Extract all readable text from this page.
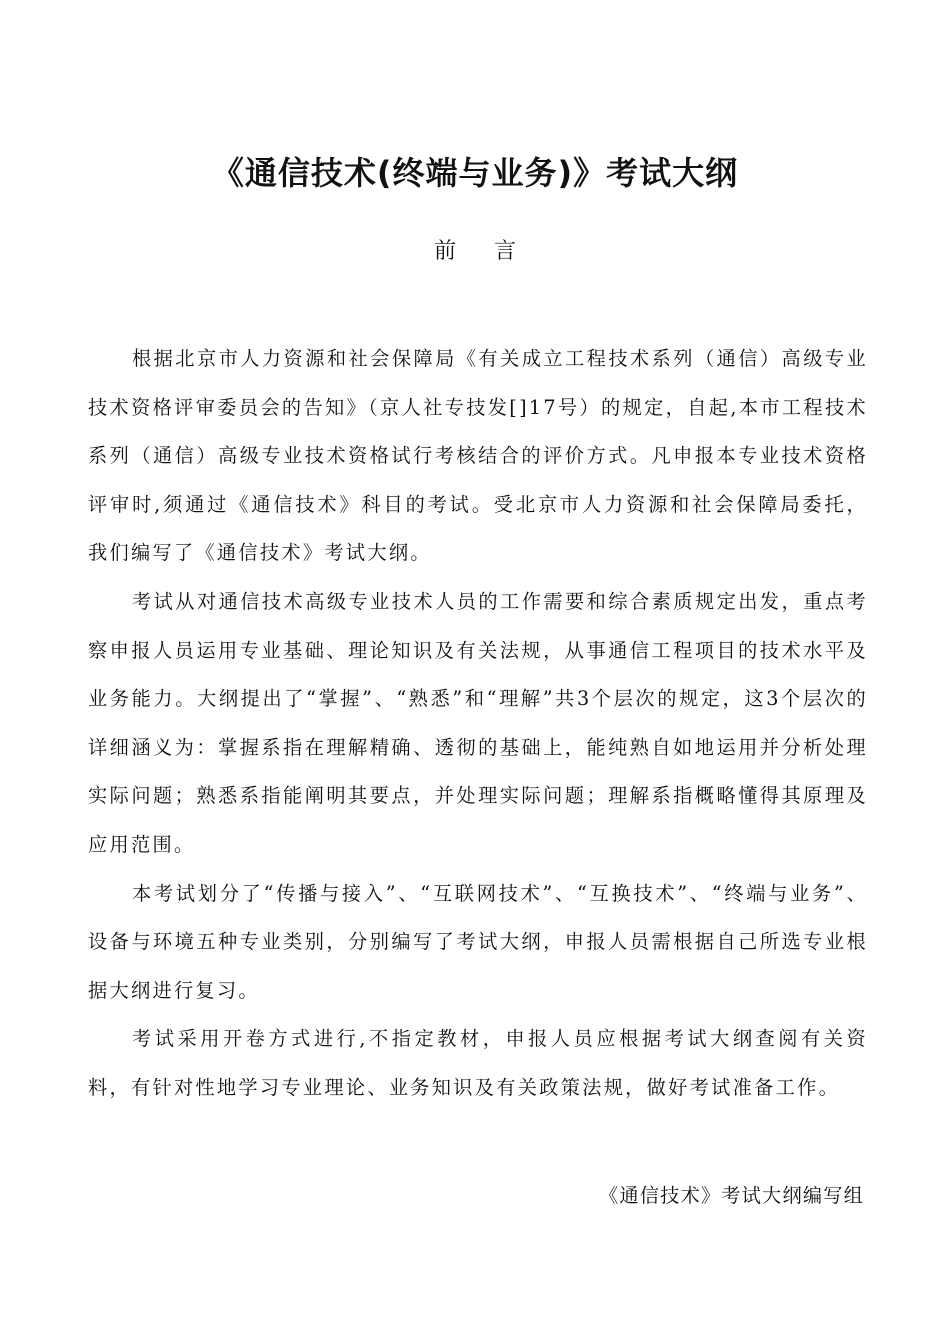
《通信技术(终端与业务)》考试大纲
前言

根据北京市人力资源和社会保障局《有关成立工程技术系列（通信）高级专业技术资格评审委员会的告知》（京人社专技发[]17号）的规定，自起,本市工程技术系列（通信）高级专业技术资格试行考核结合的评价方式。凡申报本专业技术资格评审时,须通过《通信技术》科目的考试。受北京市人力资源和社会保障局委托，我们编写了《通信技术》考试大纲。

考试从对通信技术高级专业技术人员的工作需要和综合素质规定出发，重点考察申报人员运用专业基础、理论知识及有关法规，从事通信工程项目的技术水平及业务能力。大纲提出了“掌握”、“熟悉”和“理解”共3个层次的规定，这3个层次的详细涵义为：掌握系指在理解精确、透彻的基础上，能纯熟自如地运用并分析处理实际问题；熟悉系指能阐明其要点，并处理实际问题；理解系指概略懂得其原理及应用范围。

本考试划分了“传播与接入”、“互联网技术”、“互换技术”、“终端与业务”、设备与环境五种专业类别，分别编写了考试大纲，申报人员需根据自己所选专业根据大纲进行复习。

考试采用开卷方式进行,不指定教材，申报人员应根据考试大纲查阅有关资料，有针对性地学习专业理论、业务知识及有关政策法规，做好考试准备工作。

《通信技术》考试大纲编写组
